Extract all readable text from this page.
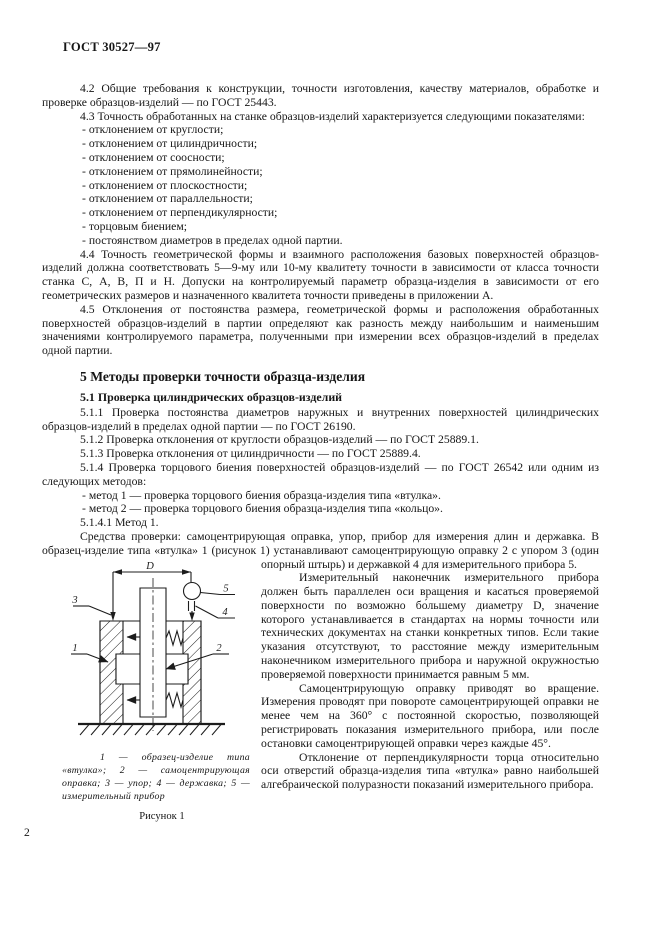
ГОСТ 30527—97

4.2 Общие требования к конструкции, точности изготовления, качеству материалов, обработке и проверке образцов-изделий — по ГОСТ 25443.

4.3 Точность обработанных на станке образцов-изделий характеризуется следующими показателями:

- отклонением от круглости;

- отклонением от цилиндричности;

- отклонением от соосности;

- отклонением от прямолинейности;

- отклонением от плоскостности;

- отклонением от параллельности;

- отклонением от перпендикулярности;

- торцовым биением;

- постоянством диаметров в пределах одной партии.

4.4 Точность геометрической формы и взаимного расположения базовых поверхностей образцов-изделий должна соответствовать 5—9-му или 10-му квалитету точности в зависимости от класса точности станка С, А, В, П и Н. Допуски на контролируемый параметр образца-изделия в зависимости от его геометрических размеров и назначенного квалитета точности приведены в приложении А.

4.5 Отклонения от постоянства размера, геометрической формы и расположения обработанных поверхностей образцов-изделий в партии определяют как разность между наибольшим и наименьшим значениями контролируемого параметра, полученными при измерении всех образцов-изделий в пределах одной партии.

5 Методы проверки точности образца-изделия
5.1 Проверка цилиндрических образцов-изделий

5.1.1 Проверка постоянства диаметров наружных и внутренних поверхностей цилиндрических образцов-изделий в пределах одной партии — по ГОСТ 26190.

5.1.2 Проверка отклонения от круглости образцов-изделий — по ГОСТ 25889.1.

5.1.3 Проверка отклонения от цилиндричности — по ГОСТ 25889.4.

5.1.4 Проверка торцового биения поверхностей образцов-изделий — по ГОСТ 26542 или одним из следующих методов:

- метод 1 — проверка торцового биения образца-изделия типа «втулка».

- метод 2 — проверка торцового биения образца-изделия типа «кольцо».

5.1.4.1 Метод 1.

Средства проверки: самоцентрирующая оправка, упор, прибор для измерения длин и державка. В образец-изделие типа «втулка» 1 (рисунок 1) устанавливают самоцентрирующую оправку 2
D
3
5
4
1	2
1 — образец-изделие типа «втулка»; 2 — самоцентрирующая оправка; 3 — упор; 4 — державка; 5 — измерительный прибор
Рисунок 1
с упором 3 (один опорный штырь) и державкой 4 для измерительного прибора 5.

Измерительный наконечник измерительного прибора должен быть параллелен оси вращения и касаться проверяемой поверхности по возможно бо́льшему диаметру D, значение которого устанавливается в стандартах на нормы точности или технических документах на станки конкретных типов. Если такие указания отсутствуют, то расстояние между измерительным наконечником измерительного прибора и наружной окружностью проверяемой поверхности принимается равным 5 мм.

Самоцентрирующую оправку приводят во вращение. Измерения проводят при повороте самоцентрирующей оправки не менее чем на 360° с постоянной скоростью, позволяющей регистрировать показания измерительного прибора, или после остановки самоцентрирующей оправки через каждые 45°.

Отклонение от перпендикулярности торца относительно оси отверстий образца-изделия типа «втулка» равно наибольшей алгебраической полуразности показаний измерительного прибора.

2
